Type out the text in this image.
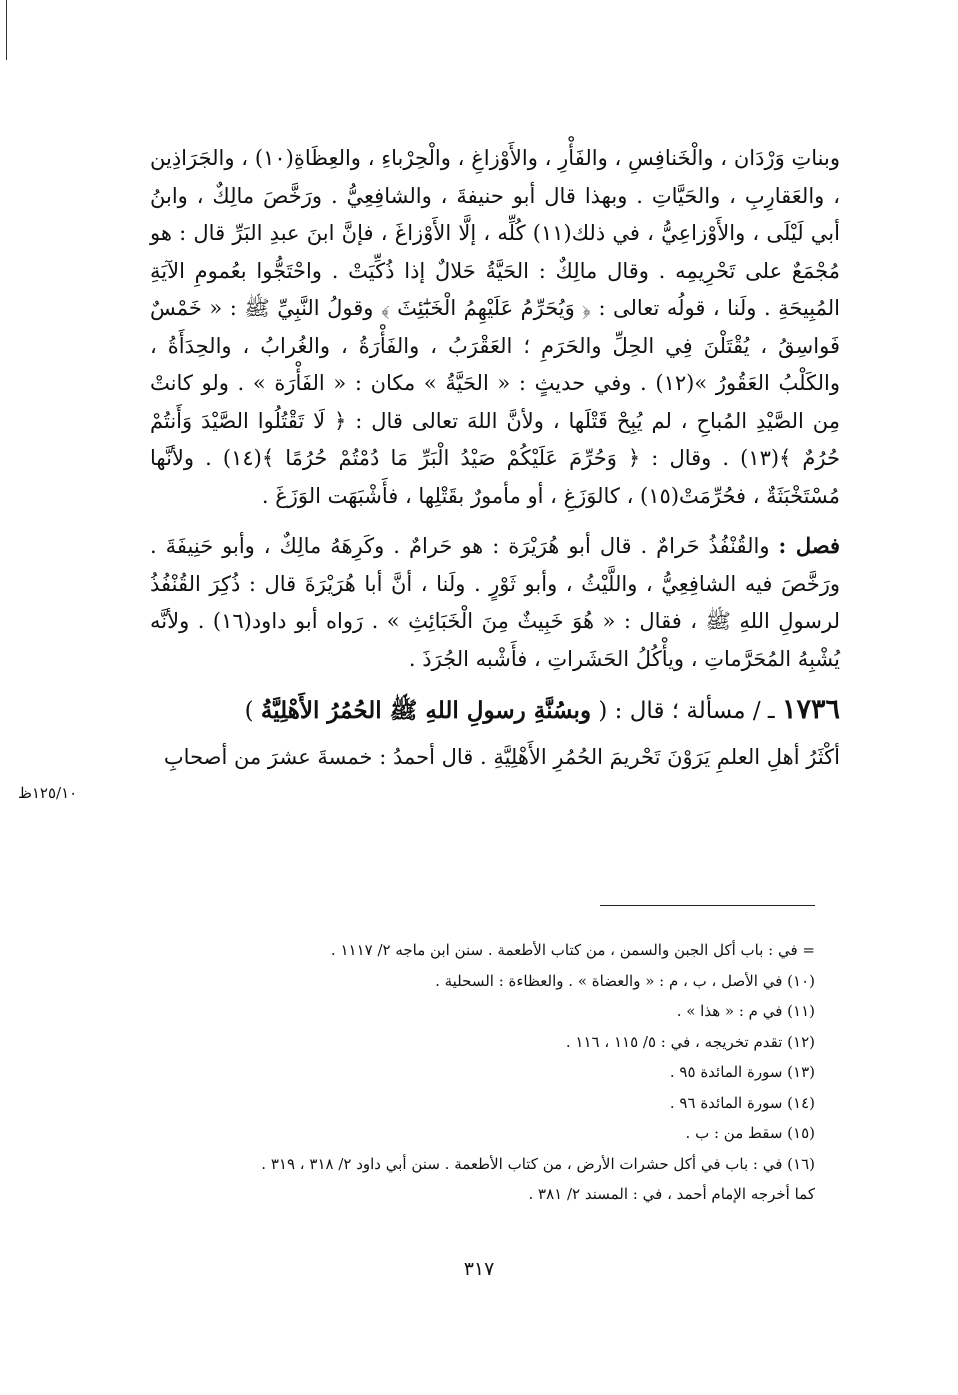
وبناتِ وَرْدَان ، والْخَنافِسِ ، والفَأْرِ ، والأَوْزاغِ ، والْحِرْباءِ ، والعِظَاةِ(١٠) ، والجَرَاذِين ، والعَقارِبِ ، والحَيَّاتِ . وبهذا قال أبو حنيفةَ ، والشافِعِيُّ . ورَخَّصَ مالِكٌ ، وابنُ أبي لَيْلَى ، والأَوْزاعِيُّ ، في ذلك(١١) كُلِّه ، إلَّا الأَوْزاغَ ، فإنَّ ابنَ عبدِ البَرِّ قال : هو مُجْمَعٌ على تَحْرِيمِه . وقال مالِكٌ : الحَيَّةُ حَلالٌ إذا ذُكِّيَتْ . واحْتَجُّوا بعُمومِ الآيَةِ المُبِيحَةِ . ولَنا ، قولُه تعالى : ﴿ وَيُحَرِّمُ عَلَيْهِمُ الْخَبَٰٓئِثَ ﴾ وقولُ النَّبِيِّ ﷺ : « خَمْسٌ فَواسِقُ ، يُقْتَلْنَ فِي الحِلِّ والحَرَمِ ؛ العَقْرَبُ ، والفَأْرَةُ ، والغُرابُ ، والحِدَأَةُ ، والكَلْبُ العَقُورُ »(١٢) . وفي حديثٍ : « الحَيَّةُ » مكان : « الفَأْرَة » . ولو كانتْ مِن الصَّيْدِ المُباحِ ، لم يُبِحْ قَتْلَها ، ولأنَّ اللهَ تعالى قال : ﴿ لَا تَقْتُلُوا الصَّيْدَ وَأَنتُمْ حُرُمٌ ﴾(١٣) . وقال : ﴿ وَحُرِّمَ عَلَيْكُمْ صَيْدُ الْبَرِّ مَا دُمْتُمْ حُرُمًا ﴾(١٤) . ولأنَّها مُسْتَخْبَثَةٌ ، فحُرِّمَتْ(١٥) ، كالوَزَغِ ، أو مأمورٌ بقَتْلِها ، فأَشْبَهَت الوَزَغَ .

فصل : والقُنْفُذُ حَرامٌ . قال أبو هُرَيْرَة : هو حَرامٌ . وكَرِهَهُ مالِكٌ ، وأبو حَنِيفَةَ . ورَخَّصَ فيه الشافِعِيُّ ، واللَّيْثُ ، وأبو ثَوْرٍ . ولَنا ، أنَّ أبا هُرَيْرَةَ قال : ذُكِرَ القُنْفُذُ لرسولِ اللهِ ﷺ ، فقال : « هُوَ خَبِيثٌ مِنَ الْخَبَائِثِ » . رَواه أبو داود(١٦) . ولأنَّه يُشْبِهُ المُحَرَّماتِ ، ويأْكُلُ الحَشَراتِ ، فأَشْبه الجُرَذَ .

١٧٣٦ ـ / مسألة ؛ قال : ( وبسُنَّةِ رسولِ اللهِ ﷺ الحُمُرُ الأَهْلِيَّةُ )

أكْثَرُ أهلِ العلمِ يَرَوْنَ تَحْريمَ الحُمُرِ الأَهْلِيَّةِ . قال أحمدُ : خمسةَ عشرَ من أصحابِ

١٢٥/١٠ظ
= في : باب أكل الجبن والسمن ، من كتاب الأطعمة . سنن ابن ماجه ٢/ ١١١٧ .
(١٠) في الأصل ، ب ، م : « والعضاة » . والعظاءة : السحلية .
(١١) في م : « هذا » .
(١٢) تقدم تخريجه ، في : ٥/ ١١٥ ، ١١٦ .
(١٣) سورة المائدة ٩٥ .
(١٤) سورة المائدة ٩٦ .
(١٥) سقط من : ب .
(١٦) في : باب في أكل حشرات الأرض ، من كتاب الأطعمة . سنن أبي داود ٢/ ٣١٨ ، ٣١٩ .
كما أخرجه الإمام أحمد ، في : المسند ٢/ ٣٨١ .
٣١٧
